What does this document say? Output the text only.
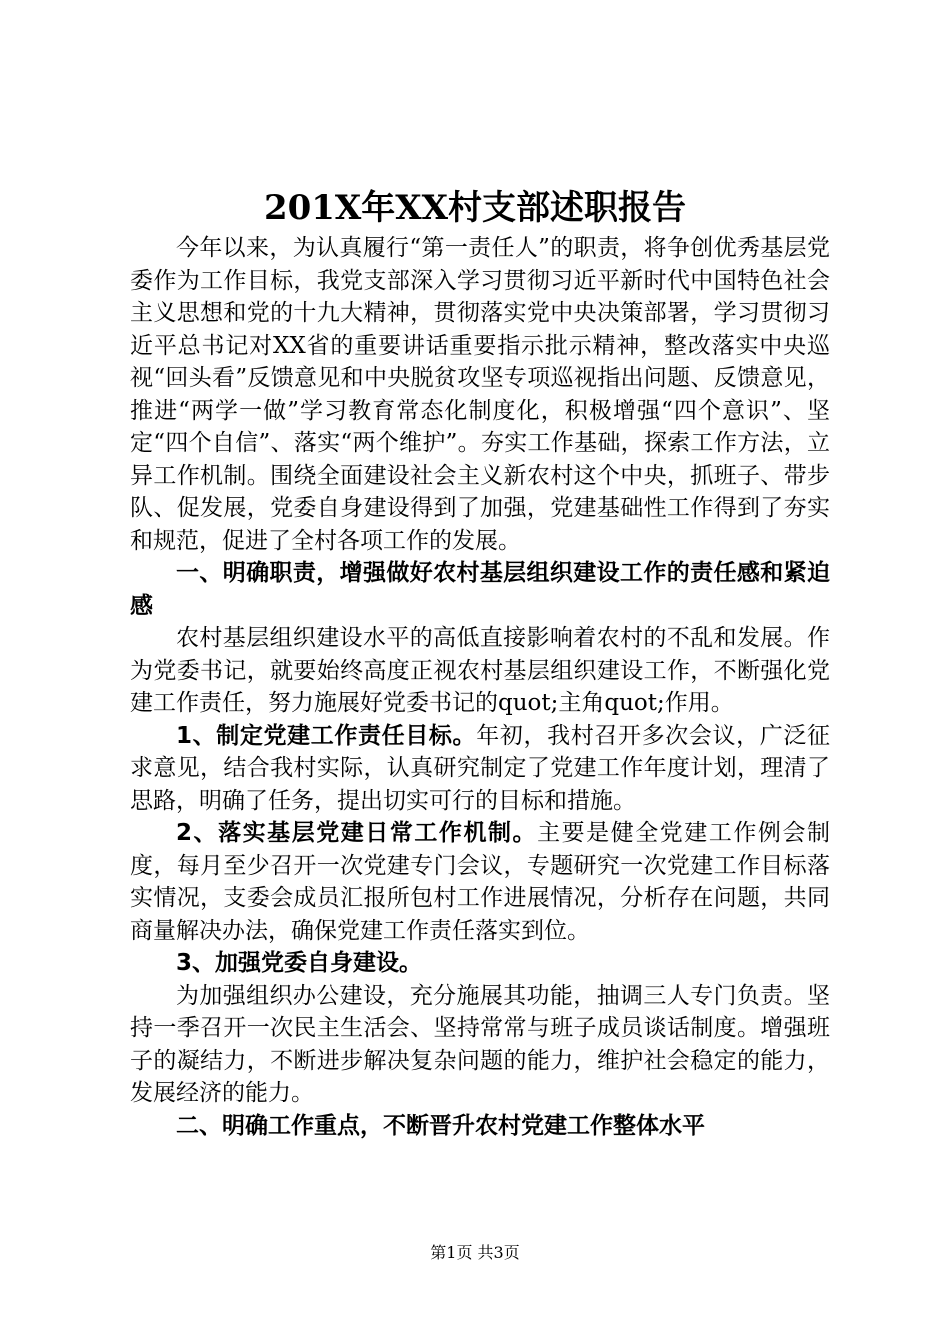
201X年XX村支部述职报告

今年以来，为认真履行“第一责任人”的职责，将争创优秀基层党委作为工作目标，我党支部深入学习贯彻习近平新时代中国特色社会主义思想和党的十九大精神，贯彻落实党中央决策部署，学习贯彻习近平总书记对XX省的重要讲话重要指示批示精神，整改落实中央巡视“回头看”反馈意见和中央脱贫攻坚专项巡视指出问题、反馈意见，推进“两学一做”学习教育常态化制度化，积极增强“四个意识”、坚定“四个自信”、落实“两个维护”。夯实工作基础，探索工作方法，立异工作机制。围绕全面建设社会主义新农村这个中央，抓班子、带步队、促发展，党委自身建设得到了加强，党建基础性工作得到了夯实和规范，促进了全村各项工作的发展。

一、明确职责，增强做好农村基层组织建设工作的责任感和紧迫感

农村基层组织建设水平的高低直接影响着农村的不乱和发展。作为党委书记，就要始终高度正视农村基层组织建设工作，不断强化党建工作责任，努力施展好党委书记的quot;主角quot;作用。

1、制定党建工作责任目标。年初，我村召开多次会议，广泛征求意见，结合我村实际，认真研究制定了党建工作年度计划，理清了思路，明确了任务，提出切实可行的目标和措施。

2、落实基层党建日常工作机制。主要是健全党建工作例会制度，每月至少召开一次党建专门会议，专题研究一次党建工作目标落实情况，支委会成员汇报所包村工作进展情况，分析存在问题，共同商量解决办法，确保党建工作责任落实到位。

3、加强党委自身建设。

为加强组织办公建设，充分施展其功能，抽调三人专门负责。坚持一季召开一次民主生活会、坚持常常与班子成员谈话制度。增强班子的凝结力，不断进步解决复杂问题的能力，维护社会稳定的能力，发展经济的能力。

二、明确工作重点，不断晋升农村党建工作整体水平

第1页 共3页
